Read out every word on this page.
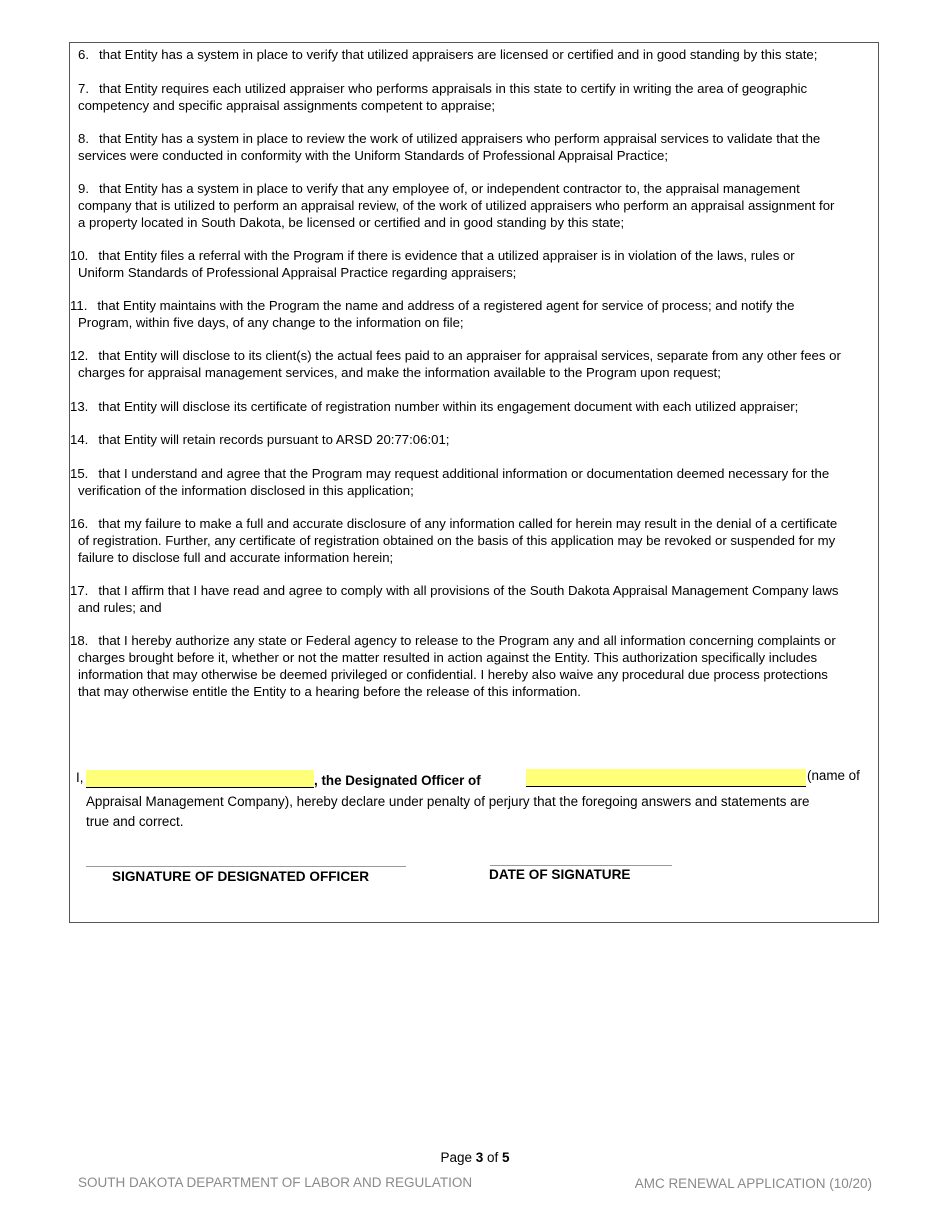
6. that Entity has a system in place to verify that utilized appraisers are licensed or certified and in good standing by this state;
7. that Entity requires each utilized appraiser who performs appraisals in this state to certify in writing the area of geographic
competency and specific appraisal assignments competent to appraise;
8. that Entity has a system in place to review the work of utilized appraisers who perform appraisal services to validate that the
services were conducted in conformity with the Uniform Standards of Professional Appraisal Practice;
9. that Entity has a system in place to verify that any employee of, or independent contractor to, the appraisal management
company that is utilized to perform an appraisal review, of the work of utilized appraisers who perform an appraisal assignment for
a property located in South Dakota, be licensed or certified and in good standing by this state;
10. that Entity files a referral with the Program if there is evidence that a utilized appraiser is in violation of the laws, rules or
Uniform Standards of Professional Appraisal Practice regarding appraisers;
11. that Entity maintains with the Program the name and address of a registered agent for service of process; and notify the
Program, within five days, of any change to the information on file;
12. that Entity will disclose to its client(s) the actual fees paid to an appraiser for appraisal services, separate from any other fees or
charges for appraisal management services, and make the information available to the Program upon request;
13. that Entity will disclose its certificate of registration number within its engagement document with each utilized appraiser;
14. that Entity will retain records pursuant to ARSD 20:77:06:01;
15. that I understand and agree that the Program may request additional information or documentation deemed necessary for the
verification of the information disclosed in this application;
16. that my failure to make a full and accurate disclosure of any information called for herein may result in the denial of a certificate
of registration. Further, any certificate of registration obtained on the basis of this application may be revoked or suspended for my
failure to disclose full and accurate information herein;
17. that I affirm that I have read and agree to comply with all provisions of the South Dakota Appraisal Management Company laws
and rules; and
18. that I hereby authorize any state or Federal agency to release to the Program any and all information concerning complaints or
charges brought before it, whether or not the matter resulted in action against the Entity. This authorization specifically includes
information that may otherwise be deemed privileged or confidential. I hereby also waive any procedural due process protections
that may otherwise entitle the Entity to a hearing before the release of this information.
I,	, the Designated Officer of	(name of
Appraisal Management Company), hereby declare under penalty of perjury that the foregoing answers and statements are
true and correct.
SIGNATURE OF DESIGNATED OFFICER	DATE OF SIGNATURE
Page 3 of 5
SOUTH DAKOTA DEPARTMENT OF LABOR AND REGULATION	AMC RENEWAL APPLICATION (10/20)
